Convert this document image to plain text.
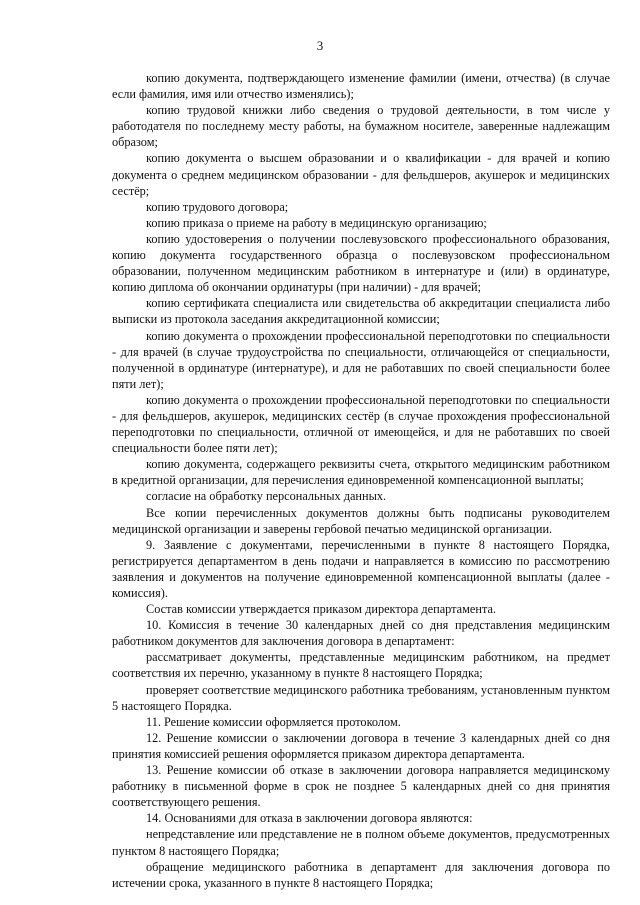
3

копию документа, подтверждающего изменение фамилии (имени, отчества) (в случае если фамилия, имя или отчество изменялись);

копию трудовой книжки либо сведения о трудовой деятельности, в том числе у работодателя по последнему месту работы, на бумажном носителе, заверенные надлежащим образом;

копию документа о высшем образовании и о квалификации - для врачей и копию документа о среднем медицинском образовании - для фельдшеров, акушерок и медицинских сестёр;

копию трудового договора;

копию приказа о приеме на работу в медицинскую организацию;

копию удостоверения о получении послевузовского профессионального образования, копию документа государственного образца о послевузовском профессиональном образовании, полученном медицинским работником в интернатуре и (или) в ординатуре, копию диплома об окончании ординатуры (при наличии) - для врачей;

копию сертификата специалиста или свидетельства об аккредитации специалиста либо выписки из протокола заседания аккредитационной комиссии;

копию документа о прохождении профессиональной переподготовки по специальности - для врачей (в случае трудоустройства по специальности, отличающейся от специальности, полученной в ординатуре (интернатуре), и для не работавших по своей специальности более пяти лет);

копию документа о прохождении профессиональной переподготовки по специальности - для фельдшеров, акушерок, медицинских сестёр (в случае прохождения профессиональной переподготовки по специальности, отличной от имеющейся, и для не работавших по своей специальности более пяти лет);

копию документа, содержащего реквизиты счета, открытого медицинским работником в кредитной организации, для перечисления единовременной компенсационной выплаты;

согласие на обработку персональных данных.

Все копии перечисленных документов должны быть подписаны руководителем медицинской организации и заверены гербовой печатью медицинской организации.

9. Заявление с документами, перечисленными в пункте 8 настоящего Порядка, регистрируется департаментом в день подачи и направляется в комиссию по рассмотрению заявления и документов на получение единовременной компенсационной выплаты (далее - комиссия).

Состав комиссии утверждается приказом директора департамента.

10. Комиссия в течение 30 календарных дней со дня представления медицинским работником документов для заключения договора в департамент:

рассматривает документы, представленные медицинским работником, на предмет соответствия их перечню, указанному в пункте 8 настоящего Порядка;

проверяет соответствие медицинского работника требованиям, установленным пунктом 5 настоящего Порядка.

11. Решение комиссии оформляется протоколом.

12. Решение комиссии о заключении договора в течение 3 календарных дней со дня принятия комиссией решения оформляется приказом директора департамента.

13. Решение комиссии об отказе в заключении договора направляется медицинскому работнику в письменной форме в срок не позднее 5 календарных дней со дня принятия соответствующего решения.

14. Основаниями для отказа в заключении договора являются:

непредставление или представление не в полном объеме документов, предусмотренных пунктом 8 настоящего Порядка;

обращение медицинского работника в департамент для заключения договора по истечении срока, указанного в пункте 8 настоящего Порядка;
